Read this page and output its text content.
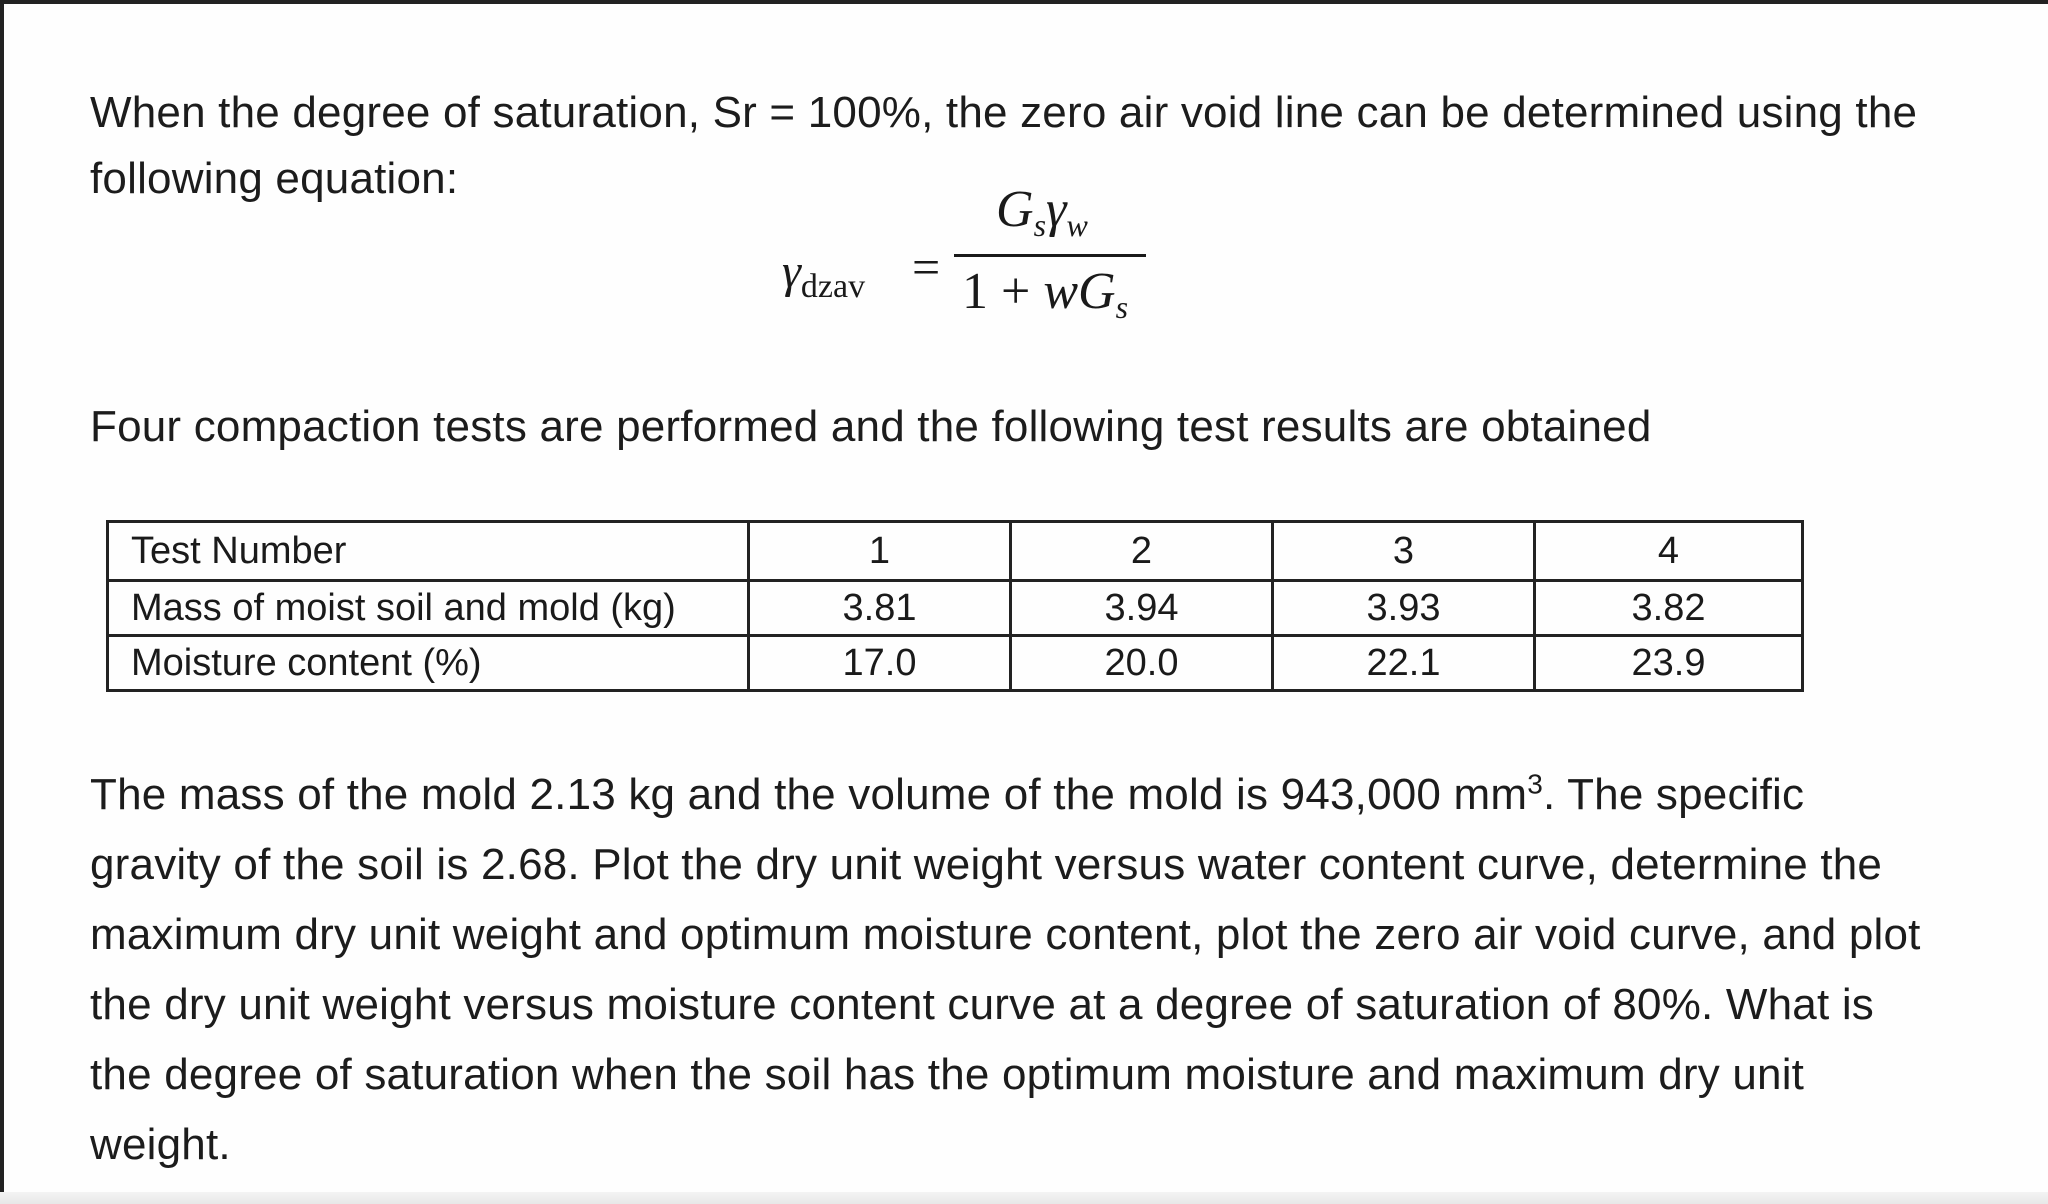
When the degree of saturation, Sr = 100%, the zero air void line can be determined using the following equation:

$\gamma_{dzav}$ =
$G_s\gamma_w$
$1 + wG_s$

Four compaction tests are performed and the following test results are obtained

Test Number	1	2	3	4
Mass of moist soil and mold (kg)	3.81	3.94	3.93	3.82
Moisture content (%)	17.0	20.0	22.1	23.9

The mass of the mold 2.13 kg and the volume of the mold is 943,000 $mm^3$. The specific gravity of the soil is 2.68. Plot the dry unit weight versus water content curve, determine the maximum dry unit weight and optimum moisture content, plot the zero air void curve, and plot the dry unit weight versus moisture content curve at a degree of saturation of 80%. What is the degree of saturation when the soil has the optimum moisture and maximum dry unit weight.
